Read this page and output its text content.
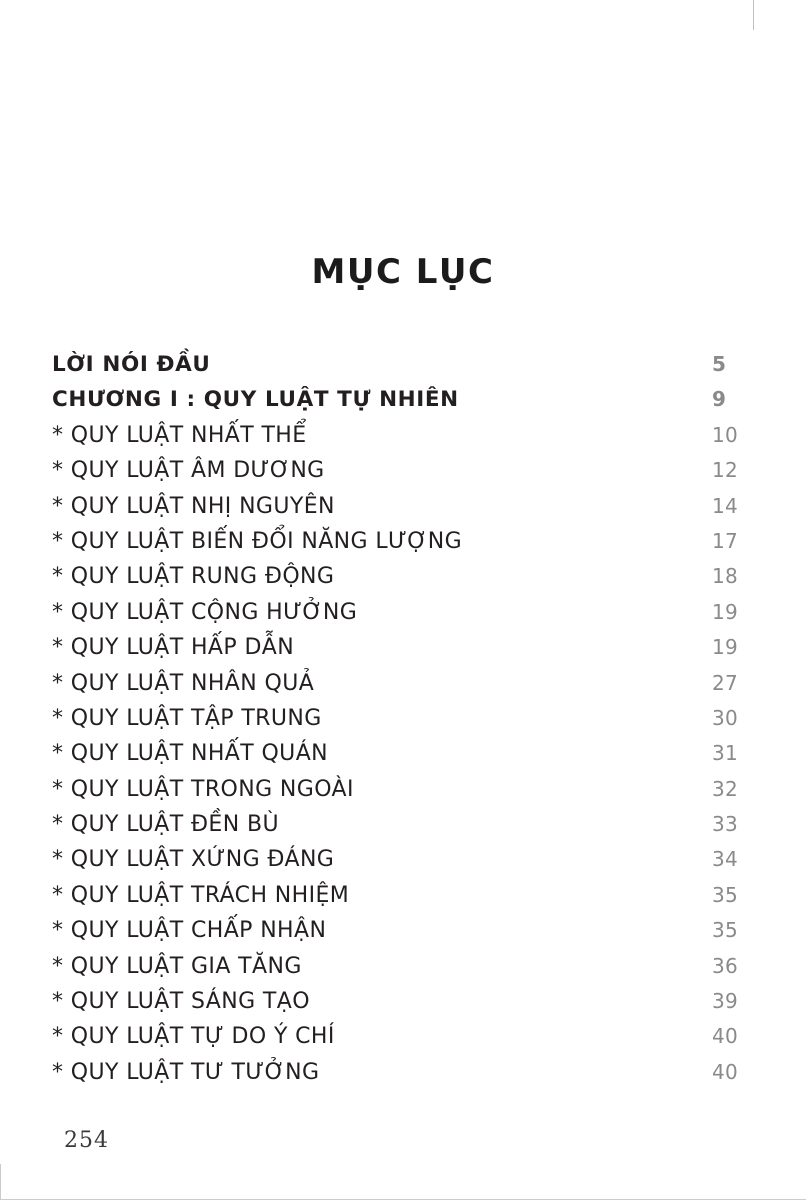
MỤC LỤC
LỜI NÓI ĐẦU	5
CHƯƠNG I : QUY LUẬT TỰ NHIÊN	9
* QUY LUẬT NHẤT THỂ	10
* QUY LUẬT ÂM DƯƠNG	12
* QUY LUẬT NHỊ NGUYÊN	14
* QUY LUẬT BIẾN ĐỔI NĂNG LƯỢNG	17
* QUY LUẬT RUNG ĐỘNG	18
* QUY LUẬT CỘNG HƯỞNG	19
* QUY LUẬT HẤP DẪN	19
* QUY LUẬT NHÂN QUẢ	27
* QUY LUẬT TẬP TRUNG	30
* QUY LUẬT NHẤT QUÁN	31
* QUY LUẬT TRONG NGOÀI	32
* QUY LUẬT ĐỀN BÙ	33
* QUY LUẬT XỨNG ĐÁNG	34
* QUY LUẬT TRÁCH NHIỆM	35
* QUY LUẬT CHẤP NHẬN	35
* QUY LUẬT GIA TĂNG	36
* QUY LUẬT SÁNG TẠO	39
* QUY LUẬT TỰ DO Ý CHÍ	40
* QUY LUẬT TƯ TƯỞNG	40
254
